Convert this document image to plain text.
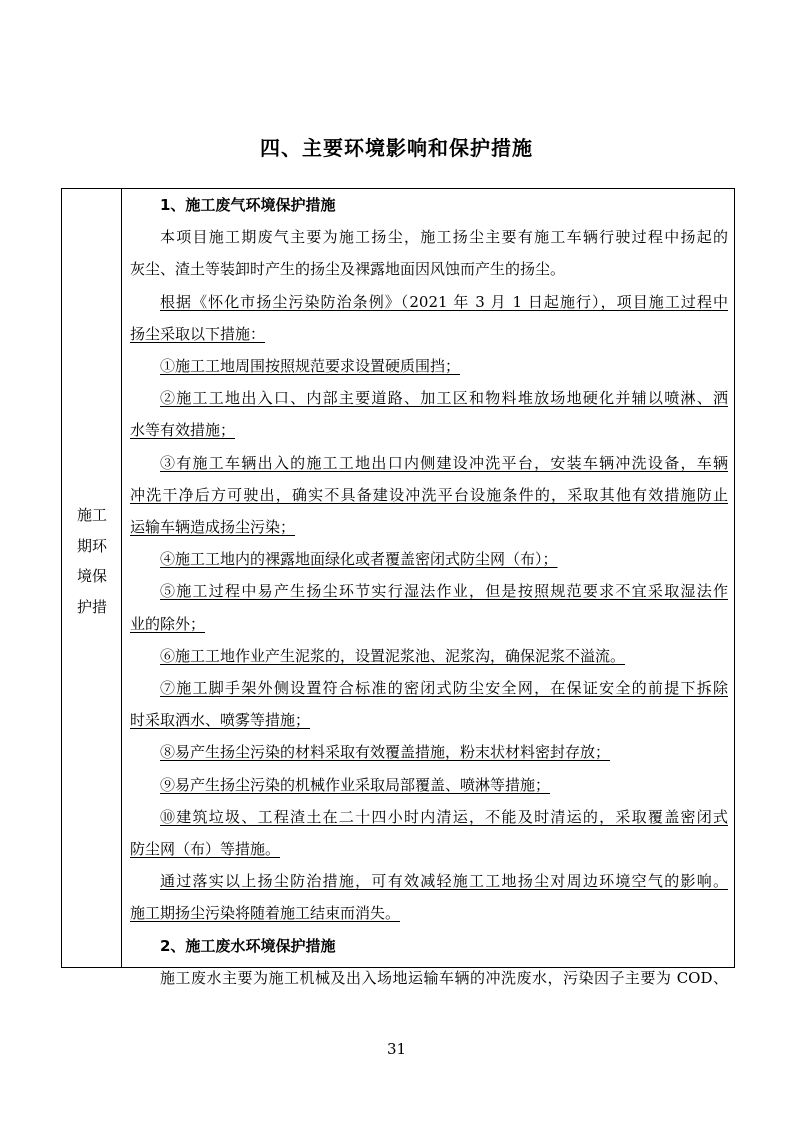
四、主要环境影响和保护措施
施工
期环
境保
护措
1、施工废气环境保护措施
本项目施工期废气主要为施工扬尘，施工扬尘主要有施工车辆行驶过程中扬起的
灰尘、渣土等装卸时产生的扬尘及裸露地面因风蚀而产生的扬尘。
根据《怀化市扬尘污染防治条例》（2021 年 3 月 1 日起施行），项目施工过程中
扬尘采取以下措施：
①施工工地周围按照规范要求设置硬质围挡；
②施工工地出入口、内部主要道路、加工区和物料堆放场地硬化并辅以喷淋、洒
水等有效措施；
③有施工车辆出入的施工工地出口内侧建设冲洗平台，安装车辆冲洗设备，车辆
冲洗干净后方可驶出，确实不具备建设冲洗平台设施条件的，采取其他有效措施防止
运输车辆造成扬尘污染；
④施工工地内的裸露地面绿化或者覆盖密闭式防尘网（布）；
⑤施工过程中易产生扬尘环节实行湿法作业，但是按照规范要求不宜采取湿法作
业的除外；
⑥施工工地作业产生泥浆的，设置泥浆池、泥浆沟，确保泥浆不溢流。
⑦施工脚手架外侧设置符合标准的密闭式防尘安全网，在保证安全的前提下拆除
时采取洒水、喷雾等措施；
⑧易产生扬尘污染的材料采取有效覆盖措施，粉末状材料密封存放；
⑨易产生扬尘污染的机械作业采取局部覆盖、喷淋等措施；
⑩建筑垃圾、工程渣土在二十四小时内清运，不能及时清运的，采取覆盖密闭式
防尘网（布）等措施。
通过落实以上扬尘防治措施，可有效减轻施工工地扬尘对周边环境空气的影响。
施工期扬尘污染将随着施工结束而消失。
2、施工废水环境保护措施
施工废水主要为施工机械及出入场地运输车辆的冲洗废水，污染因子主要为 COD、
31
